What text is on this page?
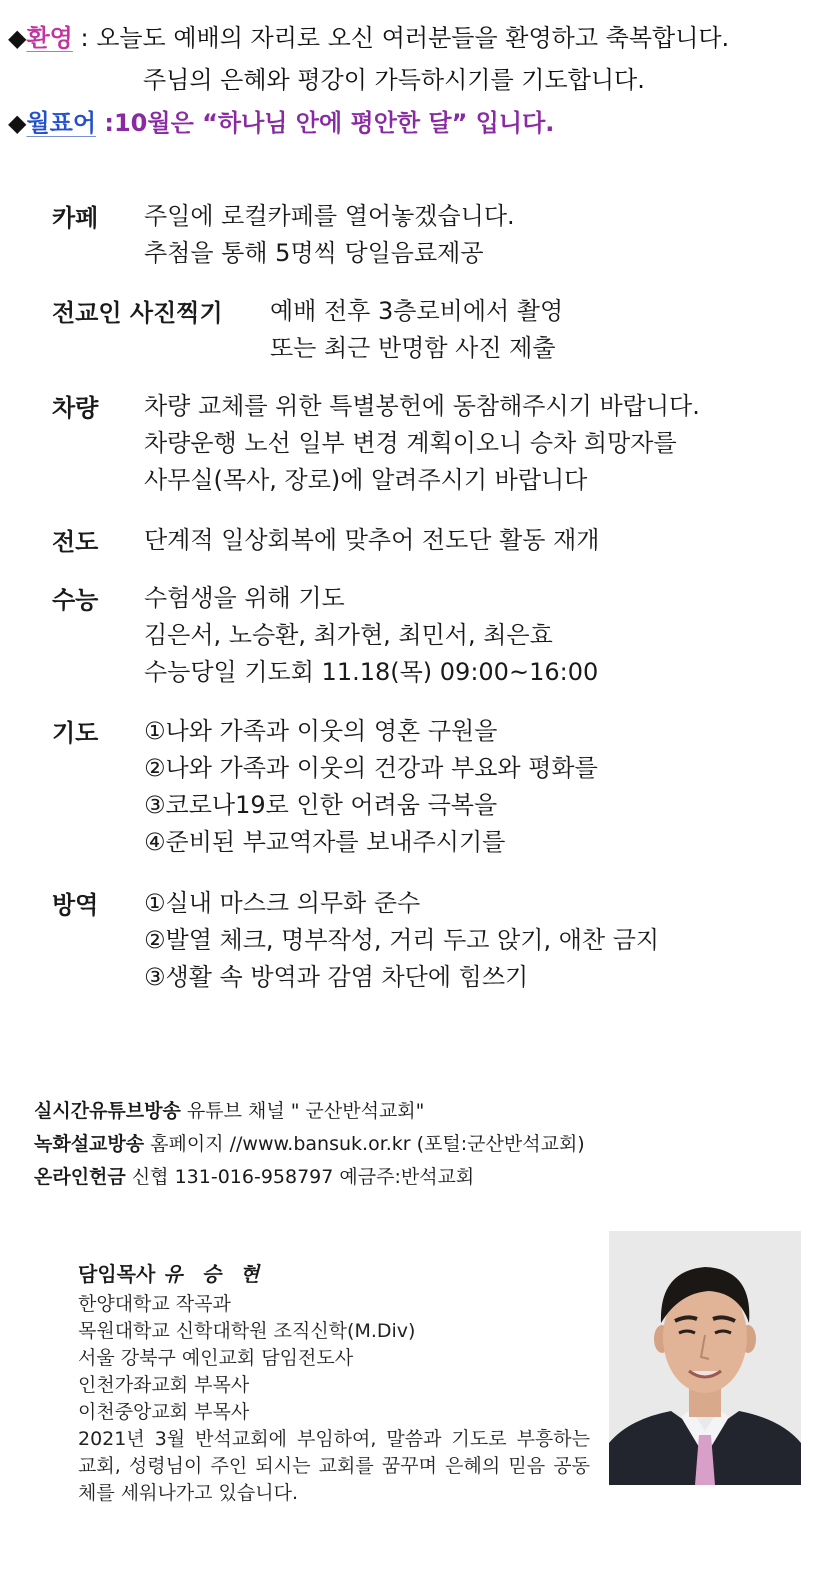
◆환영 : 오늘도 예배의 자리로 오신 여러분들을 환영하고 축복합니다.
주님의 은혜와 평강이 가득하시기를 기도합니다.
◆월표어 :10월은 “하나님 안에 평안한 달” 입니다.
카페 주일에 로컬카페를 열어놓겠습니다.
추첨을 통해 5명씩 당일음료제공
전교인 사진찍기 예배 전후 3층로비에서 촬영
또는 최근 반명함 사진 제출
차량 차량 교체를 위한 특별봉헌에 동참해주시기 바랍니다.
차량운행 노선 일부 변경 계획이오니 승차 희망자를
사무실(목사, 장로)에 알려주시기 바랍니다
전도 단계적 일상회복에 맞추어 전도단 활동 재개
수능 수험생을 위해 기도
김은서, 노승환, 최가현, 최민서, 최은효
수능당일 기도회 11.18(목) 09:00~16:00
기도 ①나와 가족과 이웃의 영혼 구원을
②나와 가족과 이웃의 건강과 부요와 평화를
③코로나19로 인한 어려움 극복을
④준비된 부교역자를 보내주시기를
방역 ①실내 마스크 의무화 준수
②발열 체크, 명부작성, 거리 두고 앉기, 애찬 금지
③생활 속 방역과 감염 차단에 힘쓰기
실시간유튜브방송 유튜브 채널 " 군산반석교회"
녹화설교방송 홈페이지 //www.bansuk.or.kr (포털:군산반석교회)
온라인헌금 신협 131-016-958797 예금주:반석교회
담임목사 유 승 현
한양대학교 작곡과
목원대학교 신학대학원 조직신학(M.Div)
서울 강북구 예인교회 담임전도사
인천가좌교회 부목사
이천중앙교회 부목사
2021년 3월 반석교회에 부임하여, 말씀과 기도로 부흥하는 교회, 성령님이 주인 되시는 교회를 꿈꾸며 은혜의 믿음 공동체를 세워나가고 있습니다.
